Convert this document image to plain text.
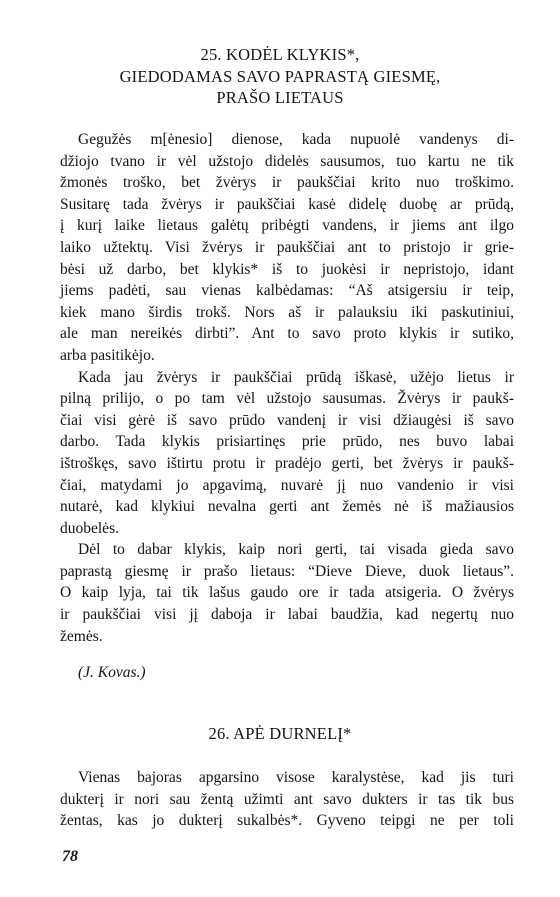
25. KODĖL KLYKIS*,
GIEDODAMAS SAVO PAPRASTĄ GIESMĘ,
PRAŠO LIETAUS
Gegužės m[ėnesio] dienose, kada nupuolė vandenys di-
džiojo tvano ir vėl užstojo didelės sausumos, tuo kartu ne tik
žmonės troško, bet žvėrys ir paukščiai krito nuo troškimo.
Susitarę tada žvėrys ir paukščiai kasė didelę duobę ar prūdą,
į kurį laike lietaus galėtų pribėgti vandens, ir jiems ant ilgo
laiko užtektų. Visi žvėrys ir paukščiai ant to pristojo ir grie-
bėsi už darbo, bet klykis* iš to juokėsi ir nepristojo, idant
jiems padėti, sau vienas kalbėdamas: “Aš atsigersiu ir teip,
kiek mano širdis trokš. Nors aš ir palauksiu iki paskutiniui,
ale man nereikės dirbti”. Ant to savo proto klykis ir sutiko,
arba pasitikėjo.
Kada jau žvėrys ir paukščiai prūdą iškasė, užėjo lietus ir
pilną prilijo, o po tam vėl užstojo sausumas. Žvėrys ir paukš-
čiai visi gėrė iš savo prūdo vandenį ir visi džiaugėsi iš savo
darbo. Tada klykis prisiartinęs prie prūdo, nes buvo labai
ištroškęs, savo ištirtu protu ir pradėjo gerti, bet žvėrys ir paukš-
čiai, matydami jo apgavimą, nuvarė jį nuo vandenio ir visi
nutarė, kad klykiui nevalna gerti ant žemės nė iš mažiausios
duobelės.
Dėl to dabar klykis, kaip nori gerti, tai visada gieda savo
paprastą giesmę ir prašo lietaus: “Dieve Dieve, duok lietaus”.
O kaip lyja, tai tik lašus gaudo ore ir tada atsigeria. O žvėrys
ir paukščiai visi jį daboja ir labai baudžia, kad negertų nuo
žemės.
(J. Kovas.)
26. APĖ DURNELĮ*
Vienas bajoras apgarsino visose karalystėse, kad jis turi
dukterį ir nori sau žentą užimti ant savo dukters ir tas tik bus
žentas, kas jo dukterį sukalbės*. Gyveno teipgi ne per toli
78
